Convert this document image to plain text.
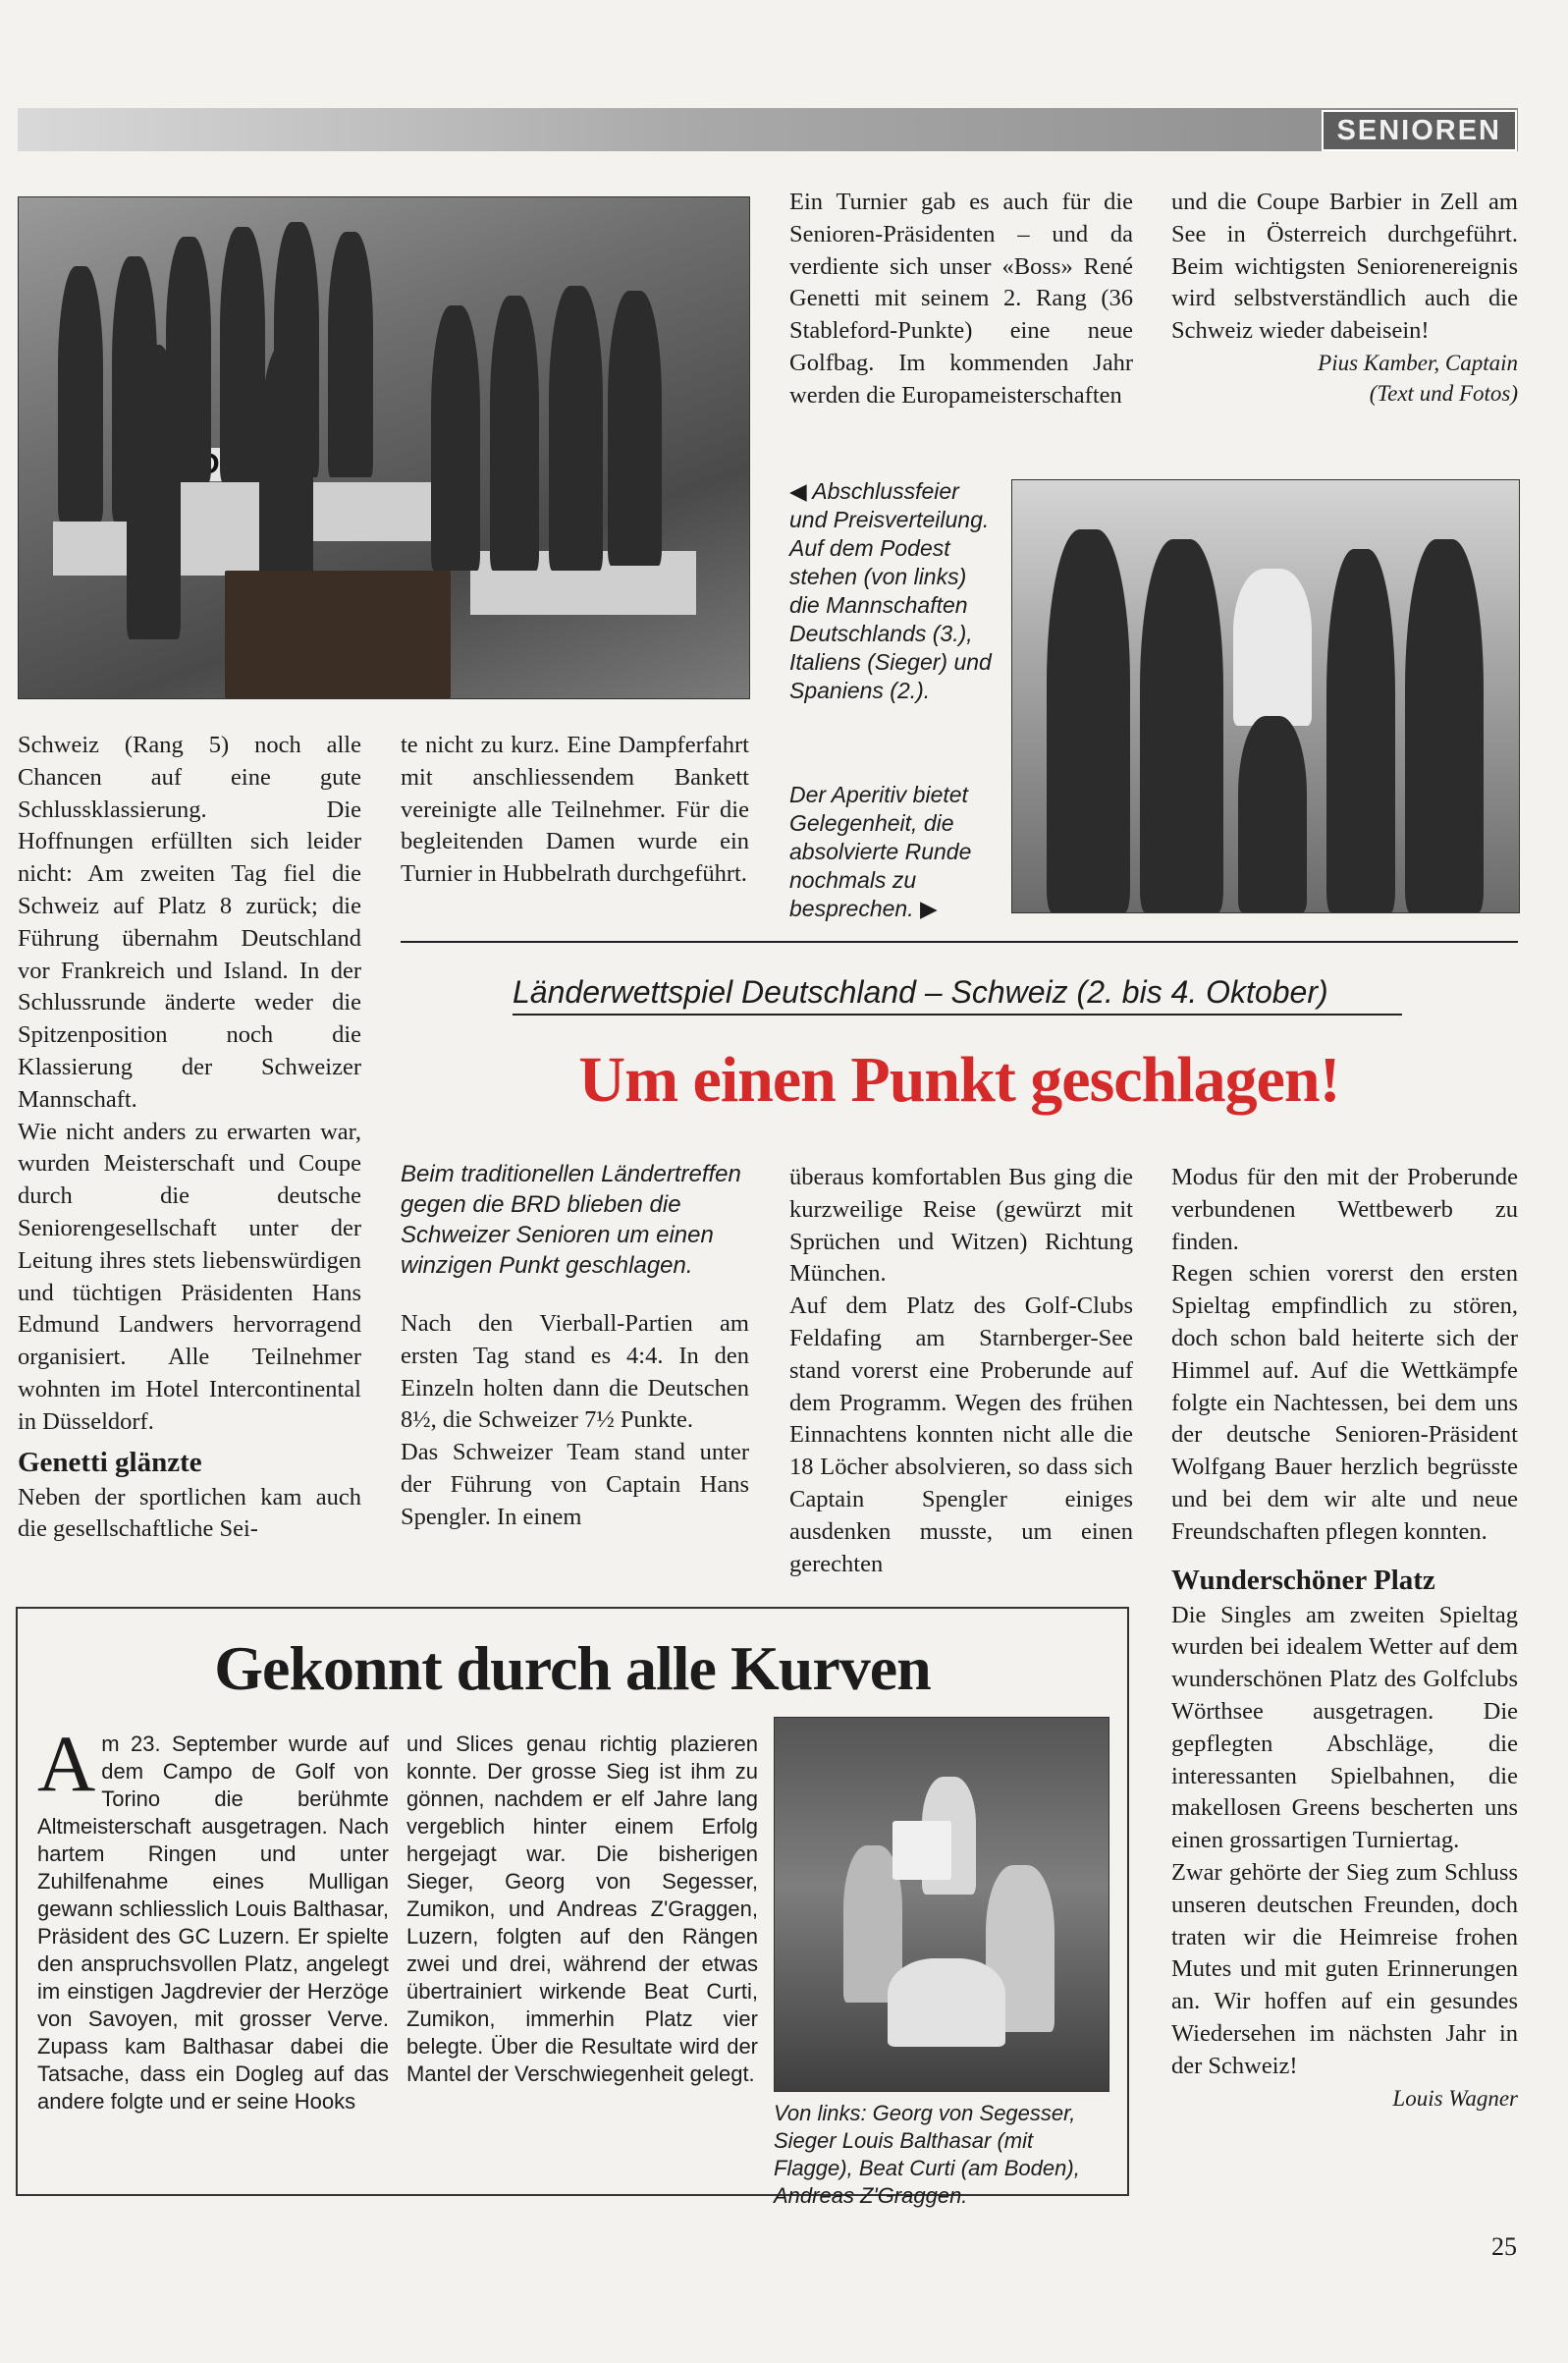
SENIOREN

Ein Turnier gab es auch für die Senioren-Präsidenten – und da verdiente sich unser «Boss» René Genetti mit seinem 2. Rang (36 Stableford-Punkte) eine neue Golfbag. Im kommenden Jahr werden die Europameisterschaften

und die Coupe Barbier in Zell am See in Österreich durchgeführt. Beim wichtigsten Seniorenereignis wird selbstverständlich auch die Schweiz wieder dabeisein!

Pius Kamber, Captain
(Text und Fotos)
◀ Abschlussfeier und Preisverteilung. Auf dem Podest stehen (von links) die Mannschaften Deutschlands (3.), Italiens (Sieger) und Spaniens (2.).
Der Aperitiv bietet Gelegenheit, die absolvierte Runde nochmals zu besprechen. ▶

Schweiz (Rang 5) noch alle Chancen auf eine gute Schlussklassierung. Die Hoffnungen erfüllten sich leider nicht: Am zweiten Tag fiel die Schweiz auf Platz 8 zurück; die Führung übernahm Deutschland vor Frankreich und Island. In der Schlussrunde änderte weder die Spitzenposition noch die Klassierung der Schweizer Mannschaft.

Wie nicht anders zu erwarten war, wurden Meisterschaft und Coupe durch die deutsche Seniorengesellschaft unter der Leitung ihres stets liebenswürdigen und tüchtigen Präsidenten Hans Edmund Landwers hervorragend organisiert. Alle Teilnehmer wohnten im Hotel Intercontinental in Düsseldorf.

Genetti glänzte

Neben der sportlichen kam auch die gesellschaftliche Sei-

te nicht zu kurz. Eine Dampferfahrt mit anschliessendem Bankett vereinigte alle Teilnehmer. Für die begleitenden Damen wurde ein Turnier in Hubbelrath durchgeführt.

Länderwettspiel Deutschland – Schweiz (2. bis 4. Oktober)
Um einen Punkt geschlagen!
Beim traditionellen Ländertreffen gegen die BRD blieben die Schweizer Senioren um einen winzigen Punkt geschlagen.

Nach den Vierball-Partien am ersten Tag stand es 4:4. In den Einzeln holten dann die Deutschen 8½, die Schweizer 7½ Punkte.

Das Schweizer Team stand unter der Führung von Captain Hans Spengler. In einem

überaus komfortablen Bus ging die kurzweilige Reise (gewürzt mit Sprüchen und Witzen) Richtung München.

Auf dem Platz des Golf-Clubs Feldafing am Starnberger-See stand vorerst eine Proberunde auf dem Programm. Wegen des frühen Einnachtens konnten nicht alle die 18 Löcher absolvieren, so dass sich Captain Spengler einiges ausdenken musste, um einen gerechten

Modus für den mit der Proberunde verbundenen Wettbewerb zu finden.

Regen schien vorerst den ersten Spieltag empfindlich zu stören, doch schon bald heiterte sich der Himmel auf. Auf die Wettkämpfe folgte ein Nachtessen, bei dem uns der deutsche Senioren-Präsident Wolfgang Bauer herzlich begrüsste und bei dem wir alte und neue Freundschaften pflegen konnten.

Wunderschöner Platz

Die Singles am zweiten Spieltag wurden bei idealem Wetter auf dem wunderschönen Platz des Golfclubs Wörthsee ausgetragen. Die gepflegten Abschläge, die interessanten Spielbahnen, die makellosen Greens bescherten uns einen grossartigen Turniertag.

Zwar gehörte der Sieg zum Schluss unseren deutschen Freunden, doch traten wir die Heimreise frohen Mutes und mit guten Erinnerungen an. Wir hoffen auf ein gesundes Wiedersehen im nächsten Jahr in der Schweiz!

Louis Wagner
Gekonnt durch alle Kurven
A m 23. September wurde auf dem Campo de Golf von Torino die berühmte Altmeisterschaft ausgetragen. Nach hartem Ringen und unter Zuhilfenahme eines Mulligan gewann schliesslich Louis Balthasar, Präsident des GC Luzern. Er spielte den anspruchsvollen Platz, angelegt im einstigen Jagdrevier der Herzöge von Savoyen, mit grosser Verve. Zupass kam Balthasar dabei die Tatsache, dass ein Dogleg auf das andere folgte und er seine Hooks
und Slices genau richtig plazieren konnte. Der grosse Sieg ist ihm zu gönnen, nachdem er elf Jahre lang vergeblich hinter einem Erfolg hergejagt war. Die bisherigen Sieger, Georg von Segesser, Zumikon, und Andreas Z'Graggen, Luzern, folgten auf den Rängen zwei und drei, während der etwas übertrainiert wirkende Beat Curti, Zumikon, immerhin Platz vier belegte. Über die Resultate wird der Mantel der Verschwiegenheit gelegt.
Von links: Georg von Segesser, Sieger Louis Balthasar (mit Flagge), Beat Curti (am Boden), Andreas Z'Graggen.
25
